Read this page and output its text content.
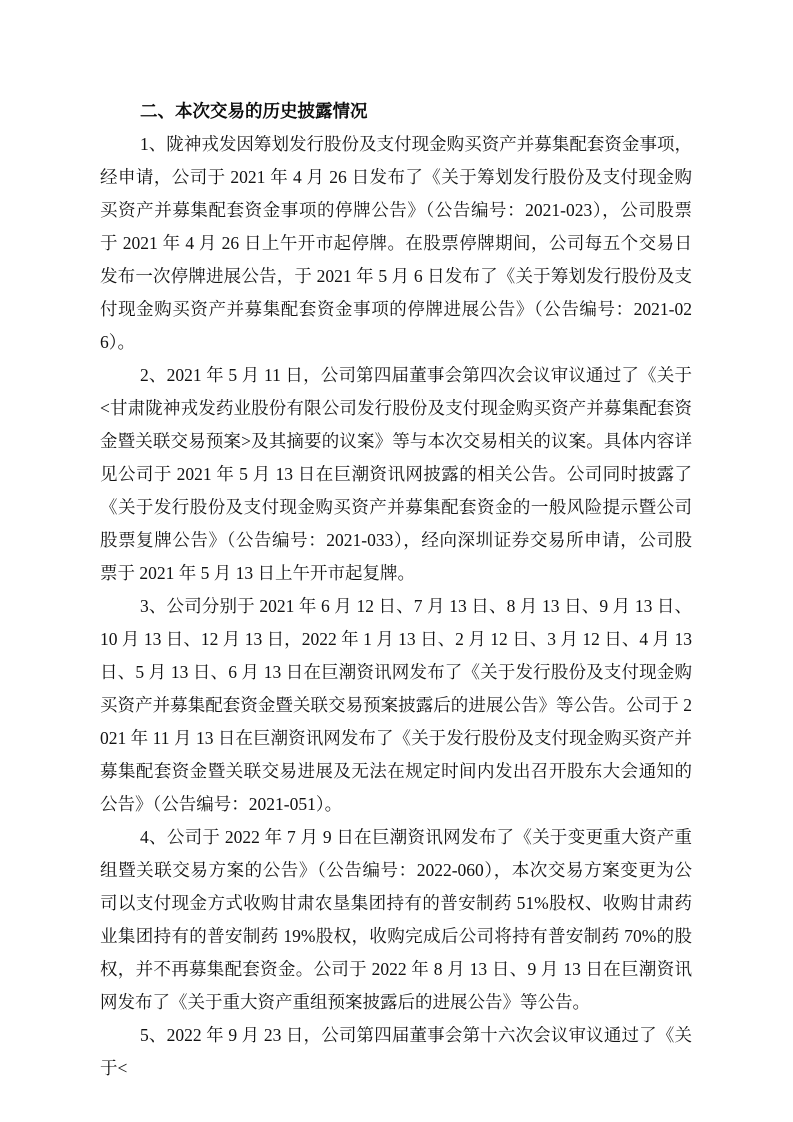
二、本次交易的历史披露情况

1、陇神戎发因筹划发行股份及支付现金购买资产并募集配套资金事项，经申请，公司于 2021 年 4 月 26 日发布了《关于筹划发行股份及支付现金购买资产并募集配套资金事项的停牌公告》（公告编号：2021-023），公司股票于 2021 年 4 月 26 日上午开市起停牌。在股票停牌期间，公司每五个交易日发布一次停牌进展公告，于 2021 年 5 月 6 日发布了《关于筹划发行股份及支付现金购买资产并募集配套资金事项的停牌进展公告》（公告编号：2021-026）。

2、2021 年 5 月 11 日，公司第四届董事会第四次会议审议通过了《关于<甘肃陇神戎发药业股份有限公司发行股份及支付现金购买资产并募集配套资金暨关联交易预案>及其摘要的议案》等与本次交易相关的议案。具体内容详见公司于 2021 年 5 月 13 日在巨潮资讯网披露的相关公告。公司同时披露了《关于发行股份及支付现金购买资产并募集配套资金的一般风险提示暨公司股票复牌公告》（公告编号：2021-033），经向深圳证券交易所申请，公司股票于 2021 年 5 月 13 日上午开市起复牌。

3、公司分别于 2021 年 6 月 12 日、7 月 13 日、8 月 13 日、9 月 13 日、10 月 13 日、12 月 13 日，2022 年 1 月 13 日、2 月 12 日、3 月 12 日、4 月 13 日、5 月 13 日、6 月 13 日在巨潮资讯网发布了《关于发行股份及支付现金购买资产并募集配套资金暨关联交易预案披露后的进展公告》等公告。公司于 2021 年 11 月 13 日在巨潮资讯网发布了《关于发行股份及支付现金购买资产并募集配套资金暨关联交易进展及无法在规定时间内发出召开股东大会通知的公告》（公告编号：2021-051）。

4、公司于 2022 年 7 月 9 日在巨潮资讯网发布了《关于变更重大资产重组暨关联交易方案的公告》（公告编号：2022-060），本次交易方案变更为公司以支付现金方式收购甘肃农垦集团持有的普安制药 51%股权、收购甘肃药业集团持有的普安制药 19%股权，收购完成后公司将持有普安制药 70%的股权，并不再募集配套资金。公司于 2022 年 8 月 13 日、9 月 13 日在巨潮资讯网发布了《关于重大资产重组预案披露后的进展公告》等公告。

5、2022 年 9 月 23 日，公司第四届董事会第十六次会议审议通过了《关于<
